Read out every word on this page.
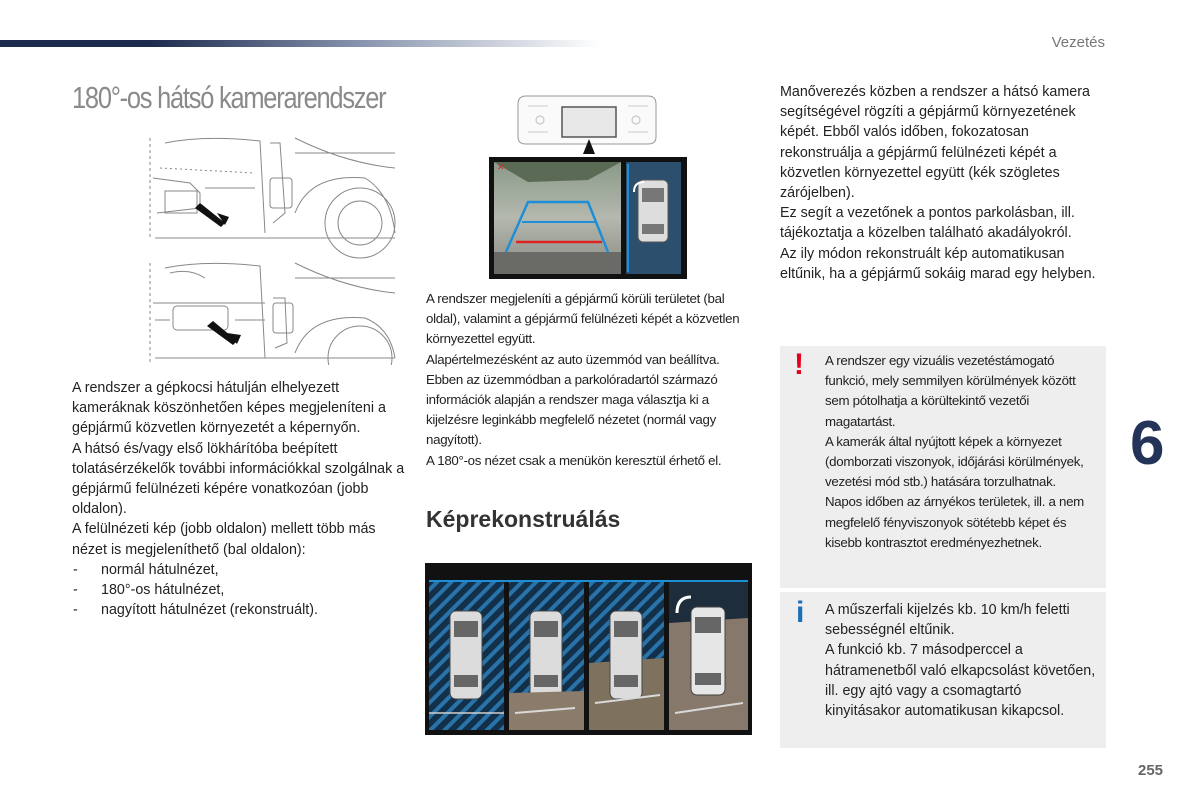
Vezetés
180°-os hátsó kamerarendszer
✕

A rendszer a gépkocsi hátulján elhelyezett kameráknak köszönhetően képes megjeleníteni a gépjármű közvetlen környezetét a képernyőn.

A hátsó és/vagy első lökhárítóba beépített tolatásérzékelők további információkkal szolgálnak a gépjármű felülnézeti képére vonatkozóan (jobb oldalon).

A felülnézeti kép (jobb oldalon) mellett több más nézet is megjeleníthető (bal oldalon):

- normál hátulnézet,
- 180°-os hátulnézet,
- nagyított hátulnézet (rekonstruált).

A rendszer megjeleníti a gépjármű körüli területet (bal oldal), valamint a gépjármű felülnézeti képét a közvetlen környezettel együtt.

Alapértelmezésként az auto üzemmód van beállítva. Ebben az üzemmódban a parkolóradartól származó információk alapján a rendszer maga választja ki a kijelzésre leginkább megfelelő nézetet (normál vagy nagyított).

A 180°-os nézet csak a menükön keresztül érhető el.

Képrekonstruálás

Manőverezés közben a rendszer a hátsó kamera segítségével rögzíti a gépjármű környezetének képét. Ebből valós időben, fokozatosan rekonstruálja a gépjármű felülnézeti képét a közvetlen környezettel együtt (kék szögletes zárójelben).

Ez segít a vezetőnek a pontos parkolásban, ill. tájékoztatja a közelben található akadályokról.

Az ily módon rekonstruált kép automatikusan eltűnik, ha a gépjármű sokáig marad egy helyben.

! A rendszer egy vizuális vezetéstámogató funkció, mely semmilyen körülmények között sem pótolhatja a körültekintő vezetői magatartást.

A kamerák által nyújtott képek a környezet (domborzati viszonyok, időjárási körülmények, vezetési mód stb.) hatására torzulhatnak.

Napos időben az árnyékos területek, ill. a nem megfelelő fényviszonyok sötétebb képet és kisebb kontrasztot eredményezhetnek.

i A műszerfali kijelzés kb. 10 km/h feletti sebességnél eltűnik.

A funkció kb. 7 másodperccel a hátramenetből való elkapcsolást követően, ill. egy ajtó vagy a csomagtartó kinyitásakor automatikusan kikapcsol.

6
255
